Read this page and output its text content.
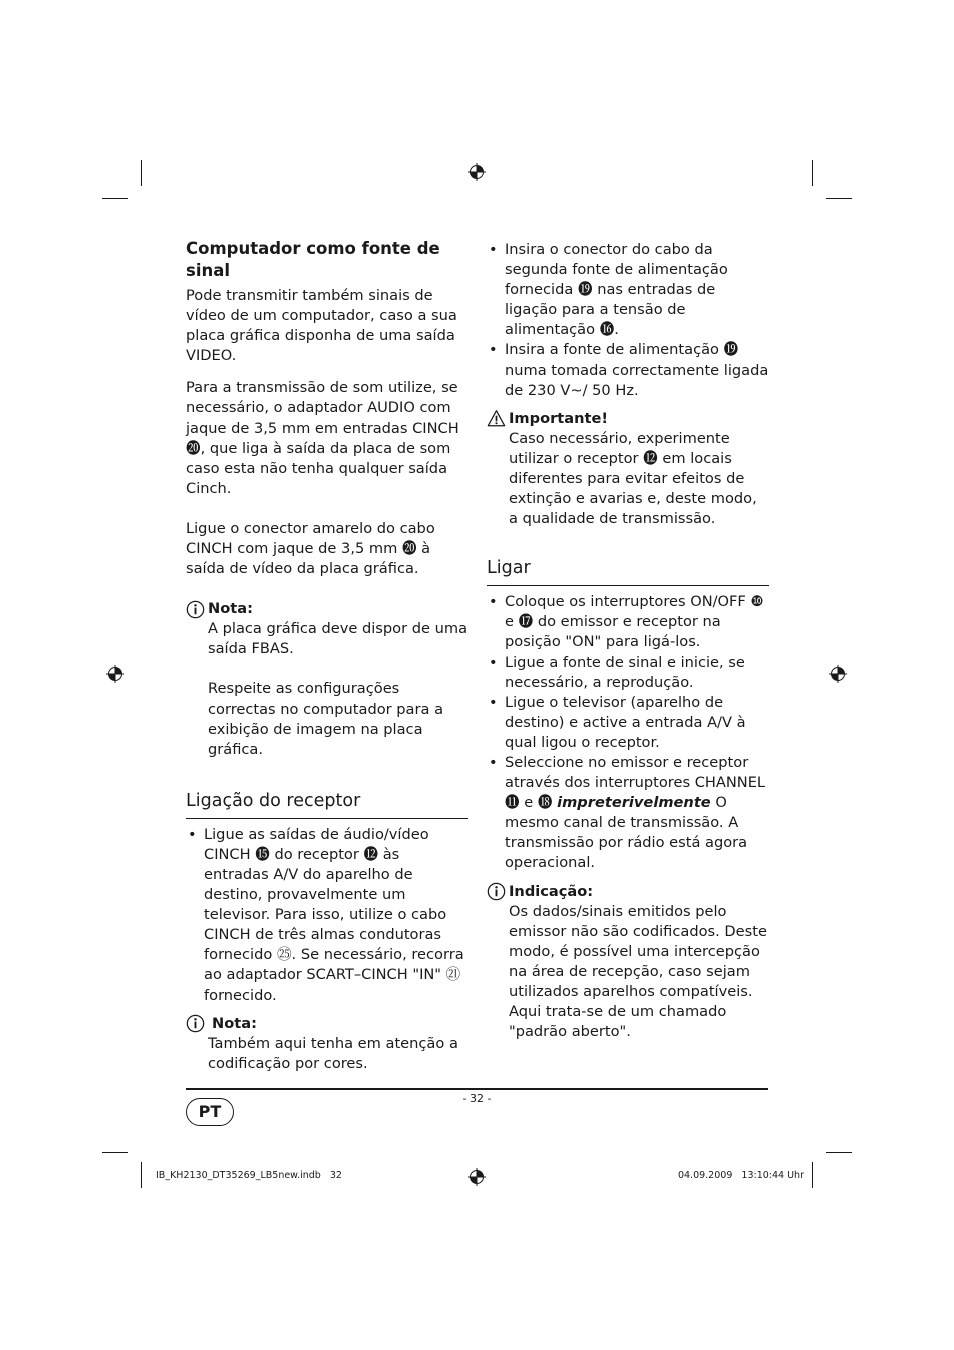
Computador como fonte de sinal

Pode transmitir também sinais de vídeo de um computador, caso a sua placa gráfica disponha de uma saída VIDEO.

Para a transmissão de som utilize, se necessário, o adaptador AUDIO com jaque de 3,5 mm em entradas CINCH ⓴, que liga à saída da placa de som caso esta não tenha qualquer saída Cinch.

Ligue o conector amarelo do cabo CINCH com jaque de 3,5 mm ⓴ à saída de vídeo da placa gráfica.

Nota:

A placa gráfica deve dispor de uma saída FBAS.

Respeite as configurações correctas no computador para a exibição de imagem na placa gráfica.

Ligação do receptor
• Ligue as saídas de áudio/vídeo CINCH ⓯ do receptor ⓬ às entradas A/V do aparelho de destino, provavelmente um televisor. Para isso, utilize o cabo CINCH de três almas condutoras fornecido ㉕. Se necessário, recorra ao adaptador SCART–CINCH "IN" ㉑ fornecido.
Nota:

Também aqui tenha em atenção a codificação por cores.

• Insira o conector do cabo da segunda fonte de alimentação fornecida ⓳ nas entradas de ligação para a tensão de alimentação ⓰.
• Insira a fonte de alimentação ⓳ numa tomada correctamente ligada de 230 V~/ 50 Hz.
Importante!

Caso necessário, experimente utilizar o receptor ⓬ em locais diferentes para evitar efeitos de extinção e avarias e, deste modo, a qualidade de transmissão.

Ligar
• Coloque os interruptores ON/OFF ❿ e ⓱ do emissor e receptor na posição "ON" para ligá-los.
• Ligue a fonte de sinal e inicie, se necessário, a reprodução.
• Ligue o televisor (aparelho de destino) e active a entrada A/V à qual ligou o receptor.
• Seleccione no emissor e receptor através dos interruptores CHANNEL ⓫ e ⓲ impreterivelmente O mesmo canal de transmissão. A transmissão por rádio está agora operacional.
Indicação:

Os dados/sinais emitidos pelo emissor não são codificados. Deste modo, é possível uma intercepção na área de recepção, caso sejam utilizados aparelhos compatíveis. Aqui trata-se de um chamado "padrão aberto".

- 32 -
PT
IB_KH2130_DT35269_LB5new.indb   32	04.09.2009   13:10:44 Uhr
